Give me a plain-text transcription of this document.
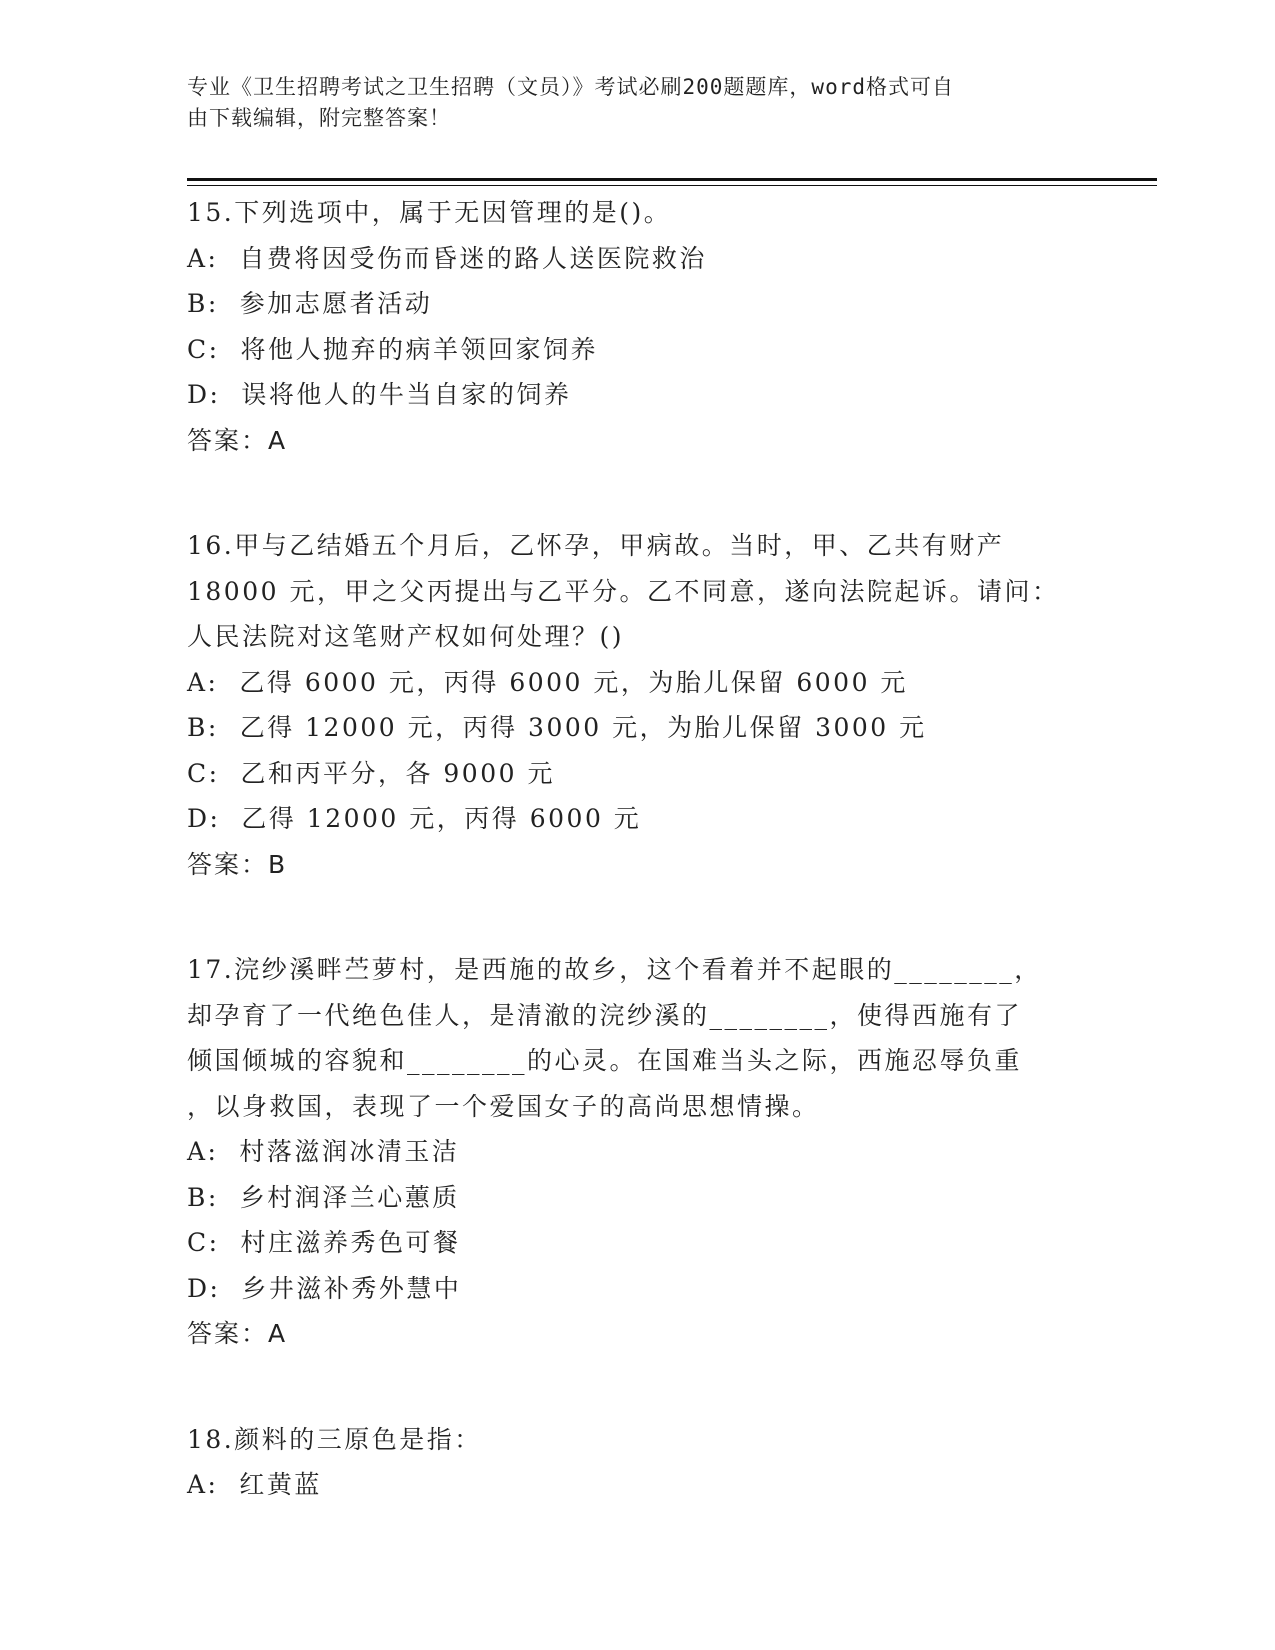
专业《卫生招聘考试之卫生招聘（文员）》考试必刷200题题库，word格式可自
由下载编辑，附完整答案！
15.下列选项中，属于无因管理的是()。
A:  自费将因受伤而昏迷的路人送医院救治
B:  参加志愿者活动
C:  将他人抛弃的病羊领回家饲养
D:  误将他人的牛当自家的饲养
答案：A
16.甲与乙结婚五个月后，乙怀孕，甲病故。当时，甲、乙共有财产
18000 元，甲之父丙提出与乙平分。乙不同意，遂向法院起诉。请问：
人民法院对这笔财产权如何处理？()
A:  乙得 6000 元，丙得 6000 元，为胎儿保留 6000 元
B:  乙得 12000 元，丙得 3000 元，为胎儿保留 3000 元
C:  乙和丙平分，各 9000 元
D:  乙得 12000 元，丙得 6000 元
答案：B
17.浣纱溪畔苎萝村，是西施的故乡，这个看着并不起眼的________，
却孕育了一代绝色佳人，是清澈的浣纱溪的________，使得西施有了
倾国倾城的容貌和________的心灵。在国难当头之际，西施忍辱负重
，以身救国，表现了一个爱国女子的高尚思想情操。
A:  村落滋润冰清玉洁
B:  乡村润泽兰心蕙质
C:  村庄滋养秀色可餐
D:  乡井滋补秀外慧中
答案：A
18.颜料的三原色是指：
A:  红黄蓝
